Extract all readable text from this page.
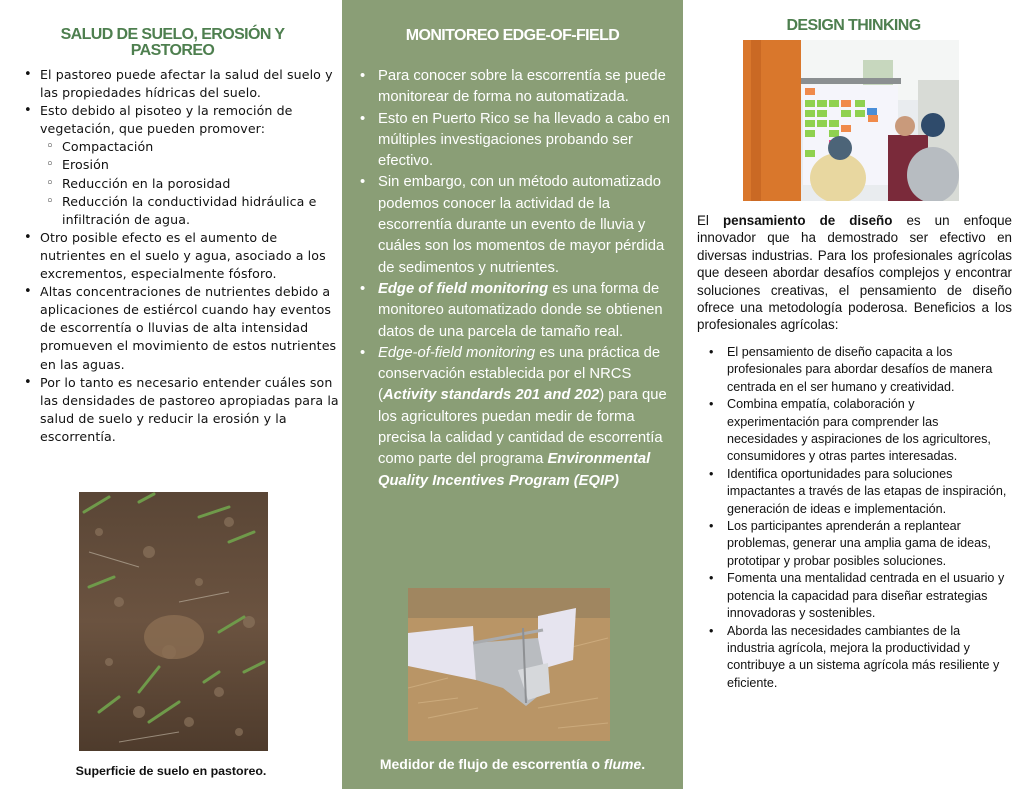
SALUD DE SUELO, EROSIÓN Y PASTOREO
• El pastoreo puede afectar la salud del suelo y las propiedades hídricas del suelo.
• Esto debido al pisoteo y la remoción de vegetación, que pueden promover:
◦ Compactación
◦ Erosión
◦ Reducción en la porosidad
◦ Reducción la conductividad hidráulica e infiltración de agua.
• Otro posible efecto es el aumento de nutrientes en el suelo y agua, asociado a los excrementos, especialmente fósforo.
• Altas concentraciones de nutrientes debido a aplicaciones de estiércol cuando hay eventos de escorrentía o lluvias de alta intensidad promueven el movimiento de estos nutrientes en las aguas.
• Por lo tanto es necesario entender cuáles son las densidades de pastoreo apropiadas para la salud de suelo y reducir la erosión y la escorrentía.
Superficie de suelo en pastoreo.
MONITOREO EDGE-OF-FIELD
• Para conocer sobre la escorrentía se puede monitorear de forma no automatizada.
• Esto en Puerto Rico se ha llevado a cabo en múltiples investigaciones probando ser efectivo.
• Sin embargo, con un método automatizado podemos conocer la actividad de la escorrentía durante un evento de lluvia y cuáles son los momentos de mayor pérdida de sedimentos y nutrientes.
• Edge of field monitoring es una forma de monitoreo automatizado donde se obtienen datos de una parcela de tamaño real.
• Edge-of-field monitoring es una práctica de conservación establecida por el NRCS (Activity standards 201 and 202) para que los agricultores puedan medir de forma precisa la calidad y cantidad de escorrentía como parte del programa Environmental Quality Incentives Program (EQIP)
Medidor de flujo de escorrentía o flume.
DESIGN THINKING

El pensamiento de diseño es un enfoque innovador que ha demostrado ser efectivo en diversas industrias. Para los profesionales agrícolas que deseen abordar desafíos complejos y encontrar soluciones creativas, el pensamiento de diseño ofrece una metodología poderosa. Beneficios a los profesionales agrícolas:

• El pensamiento de diseño capacita a los profesionales para abordar desafíos de manera centrada en el ser humano y creatividad.
• Combina empatía, colaboración y experimentación para comprender las necesidades y aspiraciones de los agricultores, consumidores y otras partes interesadas.
• Identifica oportunidades para soluciones impactantes a través de las etapas de inspiración, generación de ideas e implementación.
• Los participantes aprenderán a replantear problemas, generar una amplia gama de ideas, prototipar y probar posibles soluciones.
• Fomenta una mentalidad centrada en el usuario y potencia la capacidad para diseñar estrategias innovadoras y sostenibles.
• Aborda las necesidades cambiantes de la industria agrícola, mejora la productividad y contribuye a un sistema agrícola más resiliente y eficiente.
